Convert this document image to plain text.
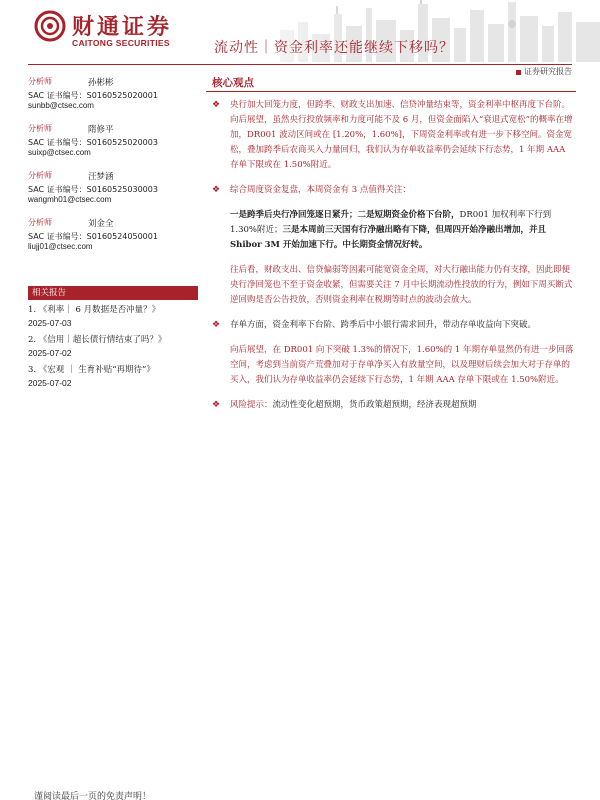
财通证券
CAITONG SECURITIES	流动性｜资金利率还能继续下移吗？
证券研究报告
分析师	孙彬彬
SAC 证书编号：S0160525020001
sunbb@ctsec.com
分析师	隋修平
SAC 证书编号：S0160525020003
suixp@ctsec.com
分析师	汪梦涵
SAC 证书编号：S0160525030003
wangmh01@ctsec.com
分析师	刘金全
SAC 证书编号：S0160524050001
liujj01@ctsec.com
相关报告
1. 《利率｜ 6 月数据是否冲量？》
2025-07-03
2. 《信用｜超长债行情结束了吗？》
2025-07-02
3. 《宏观 ｜ 生育补贴“再期待”》
2025-07-02
核心观点
❖ 央行加大回笼力度，但跨季、财政支出加速、信贷冲量结束等，资金利率中枢再度下台阶。向后展望，虽然央行投放频率和力度可能不及 6 月，但资金面陷入“衰退式宽松”的概率在增加，DR001 波动区间或在 [1.20%，1.60%]，下周资金利率或有进一步下移空间。资金宽松，叠加跨季后农商买入力量回归，我们认为存单收益率仍会延续下行态势，1 年期 AAA 存单下限或在 1.50%附近。
❖ 综合周度资金复盘，本周资金有 3 点值得关注：
一是跨季后央行净回笼逐日紧升；二是短期资金价格下台阶，DR001 加权利率下行到 1.30%附近；三是本周前三天国有行净融出略有下降，但周四开始净融出增加，并且 Shibor 3M 开始加速下行。中长期资金情况好转。
往后看，财政支出、信贷偏弱等因素可能宽资金全周，对大行融出能力仍有支撑，因此即便央行净回笼也不至于资金收紧，但需要关注 7 月中长期流动性投放的行为，例如下周买断式逆回购是否公告投放，否则资金利率在税期等时点的波动会放大。
❖ 存单方面，资金利率下台阶、跨季后中小银行需求回升，带动存单收益向下突破。
向后展望，在 DR001 向下突破 1.3%的情况下，1.60%的 1 年期存单显然仍有进一步回落空间，考虑到当前资产荒叠加对于存单净买入有放量空间，以及理财后续会加大对于存单的买入，我们认为存单收益率仍会延续下行态势，1 年期 AAA 存单下限或在 1.50%附近。
❖ 风险提示：流动性变化超预期，货币政策超预期，经济表现超预期
谨阅读最后一页的免责声明！
